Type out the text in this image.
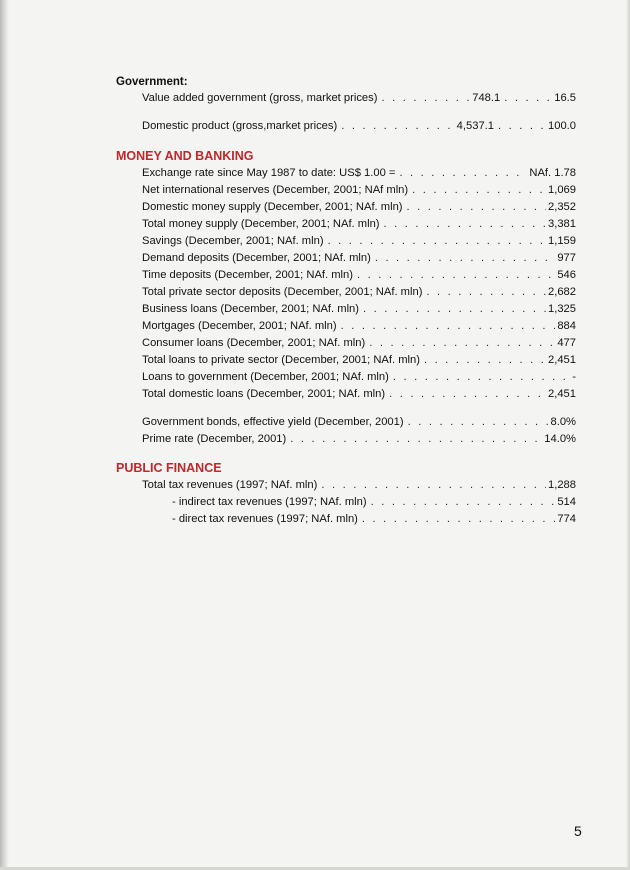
Government:
Value added government (gross, market prices) . . .	748.1 . . .	16.5
Domestic product (gross,market prices) . . .	4,537.1 . . .	100.0
MONEY AND BANKING
Exchange rate since May 1987 to date: US$ 1.00 = . . .	NAf. 1.78
Net international reserves (December, 2001; NAf mln) . . .	1,069
Domestic money supply (December, 2001; NAf. mln) . . .	2,352
Total money supply (December, 2001; NAf. mln) . . .	3,381
Savings (December, 2001; NAf. mln) . . .	1,159
Demand deposits (December, 2001; NAf. mln) . . .	977
Time deposits (December, 2001; NAf. mln) . . .	546
Total private sector deposits (December, 2001; NAf. mln) . . .	2,682
Business loans (December, 2001; NAf. mln) . . .	1,325
Mortgages (December, 2001; NAf. mln) . . .	884
Consumer loans (December, 2001; NAf. mln) . . .	477
Total loans to private sector (December, 2001; NAf. mln) . . .	2,451
Loans to government (December, 2001; NAf. mln) . . .	-
Total domestic loans (December, 2001; NAf. mln) . . .	2,451
Government bonds, effective yield (December, 2001) . . .	8.0%
Prime rate (December, 2001) . . .	14.0%
PUBLIC FINANCE
Total tax revenues (1997; NAf. mln) . . .	1,288
- indirect tax revenues (1997; NAf. mln) . . .	514
- direct tax revenues (1997; NAf. mln) . . .	774
5
